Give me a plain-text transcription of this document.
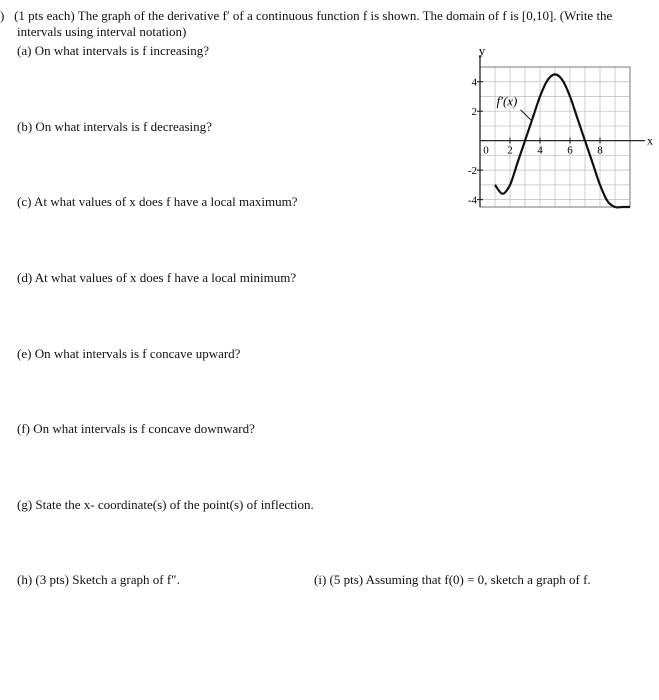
) (1 pts each) The graph of the derivative f′ of a continuous function f is shown. The domain of f is [0,10]. (Write the
intervals using interval notation)
(a) On what intervals is f increasing?
(b) On what intervals is f decreasing?
(c) At what values of x does f have a local maximum?
(d) At what values of x does f have a local minimum?
(e) On what intervals is f concave upward?
(f) On what intervals is f concave downward?
(g) State the x- coordinate(s) of the point(s) of inflection.
(h) (3 pts) Sketch a graph of f″.	(i) (5 pts) Assuming that f(0) = 0, sketch a graph of f.
0 2 4 6 8
4
2
-2
-4
y
x
f′(x)
